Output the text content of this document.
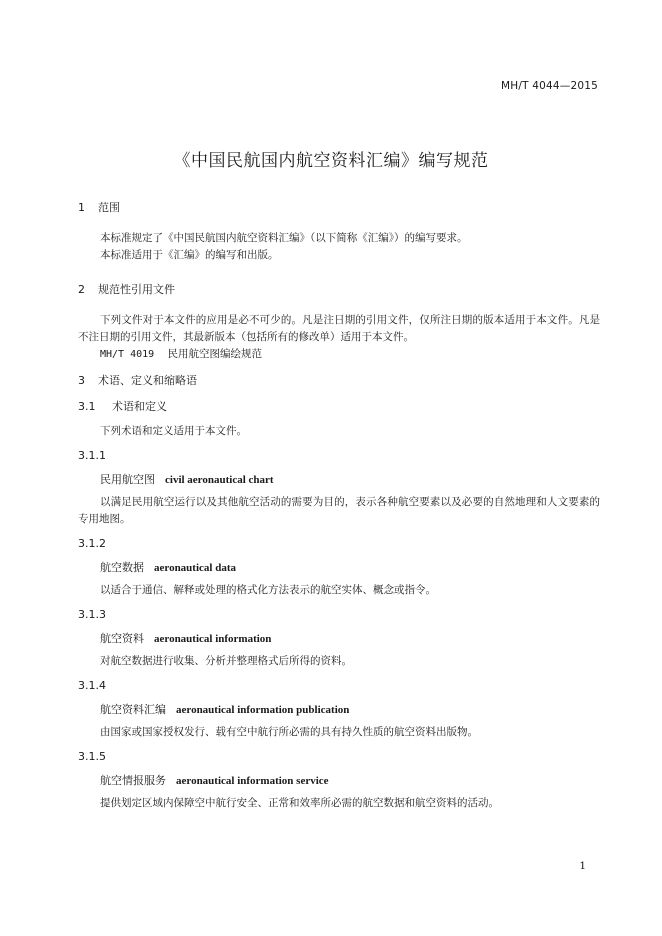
MH/T 4044—2015
《中国民航国内航空资料汇编》编写规范
1	范围
本标准规定了《中国民航国内航空资料汇编》（以下简称《汇编》）的编写要求。
本标准适用于《汇编》的编写和出版。
2	规范性引用文件
下列文件对于本文件的应用是必不可少的。凡是注日期的引用文件，仅所注日期的版本适用于本文件。凡是不注日期的引用文件，其最新版本（包括所有的修改单）适用于本文件。
MH/T 4019 民用航空图编绘规范
3	术语、定义和缩略语
3.1	术语和定义
下列术语和定义适用于本文件。
3.1.1
民用航空图 civil aeronautical chart
以满足民用航空运行以及其他航空活动的需要为目的，表示各种航空要素以及必要的自然地理和人文要素的专用地图。
3.1.2
航空数据 aeronautical data
以适合于通信、解释或处理的格式化方法表示的航空实体、概念或指令。
3.1.3
航空资料 aeronautical information
对航空数据进行收集、分析并整理格式后所得的资料。
3.1.4
航空资料汇编 aeronautical information publication
由国家或国家授权发行、载有空中航行所必需的具有持久性质的航空资料出版物。
3.1.5
航空情报服务 aeronautical information service
提供划定区域内保障空中航行安全、正常和效率所必需的航空数据和航空资料的活动。
1
